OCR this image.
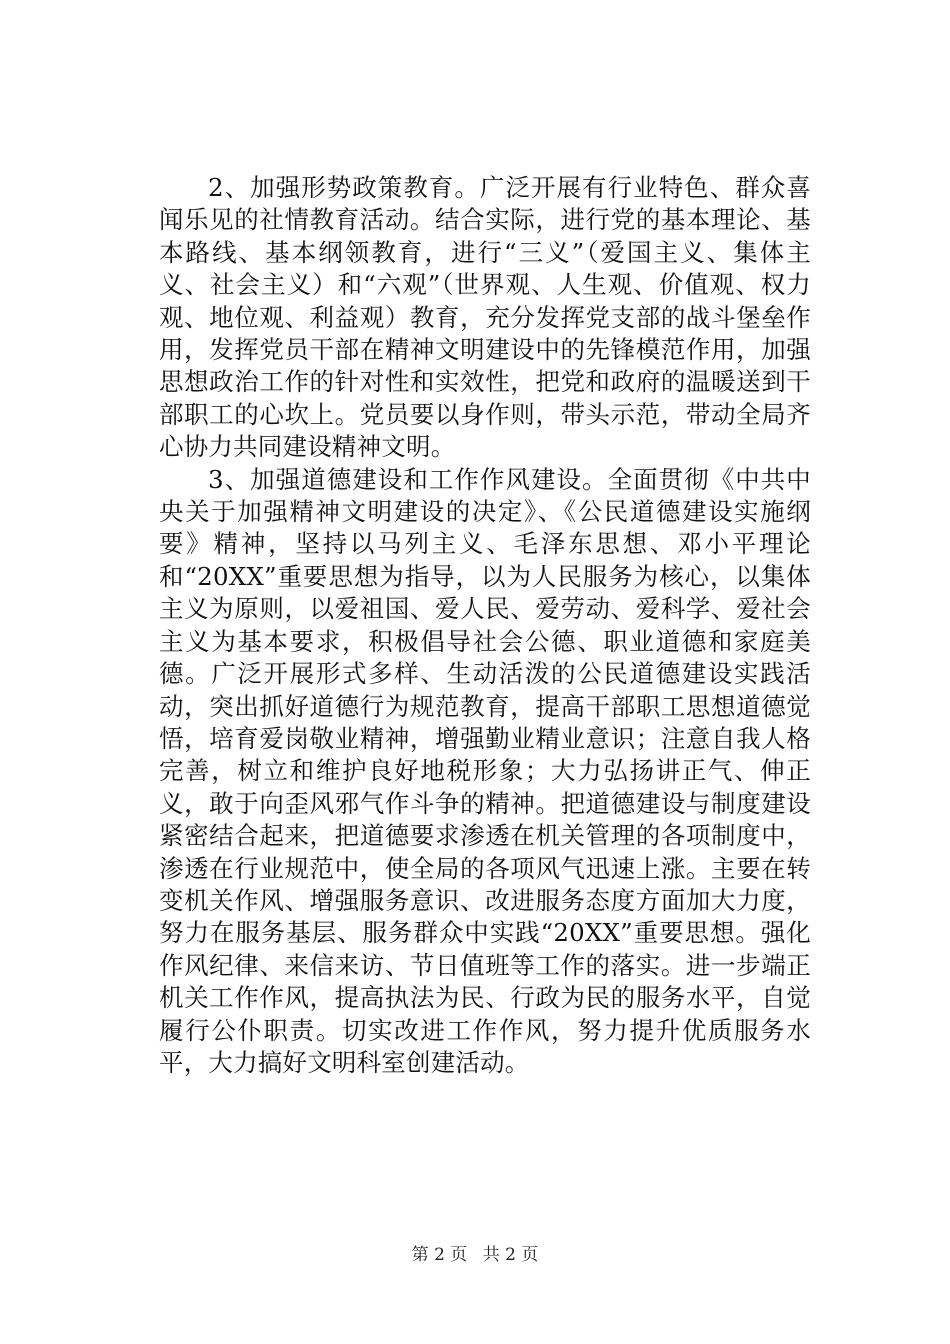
2、加强形势政策教育。广泛开展有行业特色、群众喜闻乐见的社情教育活动。结合实际，进行党的基本理论、基本路线、基本纲领教育，进行“三义”（爱国主义、集体主义、社会主义）和“六观”（世界观、人生观、价值观、权力观、地位观、利益观）教育，充分发挥党支部的战斗堡垒作用，发挥党员干部在精神文明建设中的先锋模范作用，加强思想政治工作的针对性和实效性，把党和政府的温暖送到干部职工的心坎上。党员要以身作则，带头示范，带动全局齐心协力共同建设精神文明。

3、加强道德建设和工作作风建设。全面贯彻《中共中央关于加强精神文明建设的决定》、《公民道德建设实施纲要》精神，坚持以马列主义、毛泽东思想、邓小平理论和“20XX”重要思想为指导，以为人民服务为核心，以集体主义为原则，以爱祖国、爱人民、爱劳动、爱科学、爱社会主义为基本要求，积极倡导社会公德、职业道德和家庭美德。广泛开展形式多样、生动活泼的公民道德建设实践活动，突出抓好道德行为规范教育，提高干部职工思想道德觉悟，培育爱岗敬业精神，增强勤业精业意识；注意自我人格完善，树立和维护良好地税形象；大力弘扬讲正气、伸正义，敢于向歪风邪气作斗争的精神。把道德建设与制度建设紧密结合起来，把道德要求渗透在机关管理的各项制度中，渗透在行业规范中，使全局的各项风气迅速上涨。主要在转变机关作风、增强服务意识、改进服务态度方面加大力度，努力在服务基层、服务群众中实践“20XX”重要思想。强化作风纪律、来信来访、节日值班等工作的落实。进一步端正机关工作作风，提高执法为民、行政为民的服务水平，自觉履行公仆职责。切实改进工作作风，努力提升优质服务水平，大力搞好文明科室创建活动。

第 2 页 共 2 页
